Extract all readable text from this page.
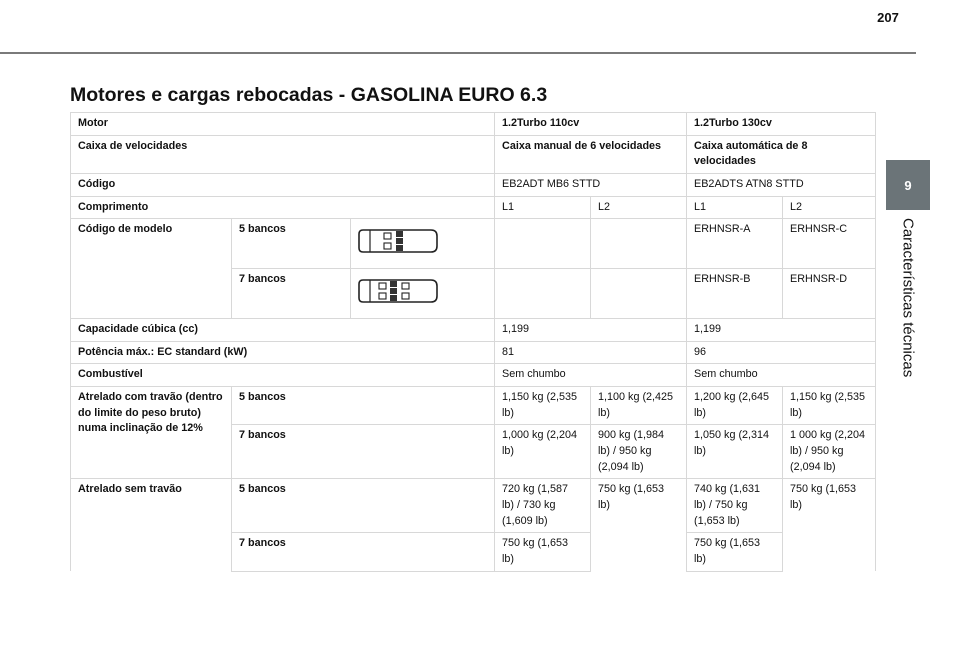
207
9
Características técnicas
Motores e cargas rebocadas - GASOLINA EURO 6.3
Motor			1.2Turbo 110cv		1.2Turbo 130cv	
Caixa de velocidades			Caixa manual de 6 velocidades		Caixa automática de 8 velocidades	
Código			EB2ADT MB6 STTD		EB2ADTS ATN8 STTD	
Comprimento			L1	L2	L1	L2
Código de modelo	5 bancos				ERHNSR-A	ERHNSR-C
	7 bancos				ERHNSR-B	ERHNSR-D
Capacidade cúbica (cc)			1,199		1,199	
Potência máx.: EC standard (kW)			81		96	
Combustível			Sem chumbo		Sem chumbo	
Atrelado com travão (dentro do limite do peso bruto) numa inclinação de 12%	5 bancos		1,150 kg (2,535 lb)	1,100 kg (2,425 lb)	1,200 kg (2,645 lb)	1,150 kg (2,535 lb)
	7 bancos		1,000 kg (2,204 lb)	900 kg (1,984 lb) / 950 kg (2,094 lb)	1,050 kg (2,314 lb)	1 000 kg (2,204 lb) / 950 kg (2,094 lb)
Atrelado sem travão	5 bancos		720 kg (1,587 lb) / 730 kg (1,609 lb)	750 kg (1,653 lb)	740 kg (1,631 lb) / 750 kg (1,653 lb)	750 kg (1,653 lb)
	7 bancos		750 kg (1,653 lb)		750 kg (1,653 lb)	
